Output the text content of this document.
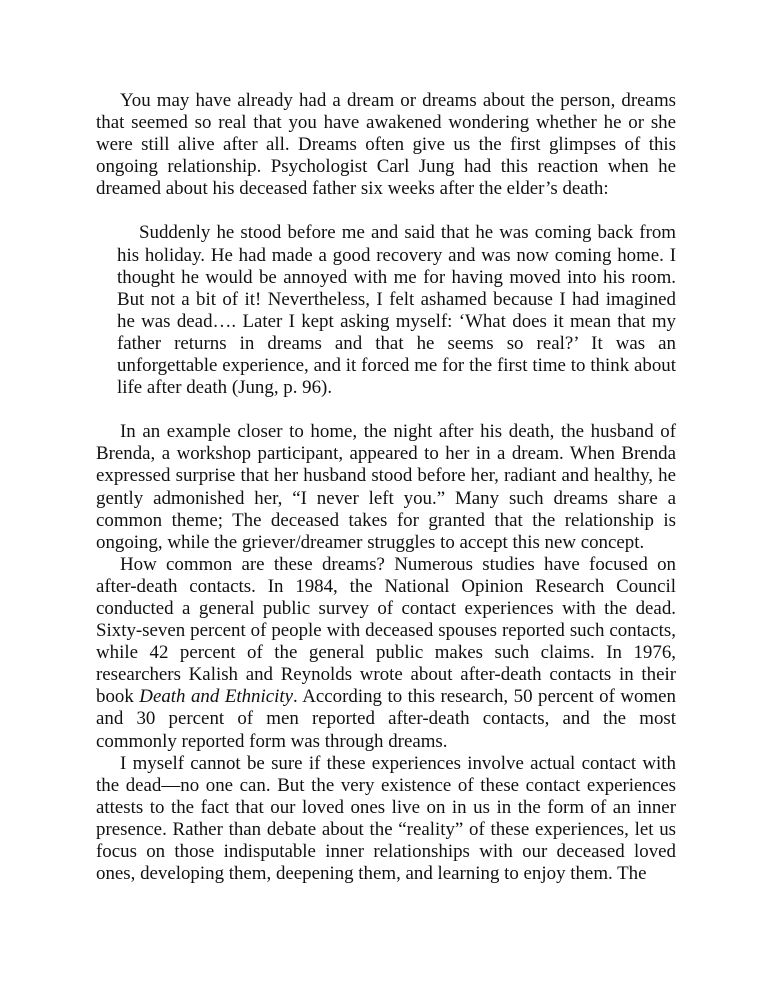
You may have already had a dream or dreams about the person, dreams that seemed so real that you have awakened wondering whether he or she were still alive after all. Dreams often give us the first glimpses of this ongoing relationship. Psychologist Carl Jung had this reaction when he dreamed about his deceased father six weeks after the elder’s death:

Suddenly he stood before me and said that he was coming back from his holiday. He had made a good recovery and was now coming home. I thought he would be annoyed with me for having moved into his room. But not a bit of it! Nevertheless, I felt ashamed because I had imagined he was dead…. Later I kept asking myself: ‘What does it mean that my father returns in dreams and that he seems so real?’ It was an unforgettable experience, and it forced me for the first time to think about life after death (Jung, p. 96).

In an example closer to home, the night after his death, the husband of Brenda, a workshop participant, appeared to her in a dream. When Brenda expressed surprise that her husband stood before her, radiant and healthy, he gently admonished her, “I never left you.” Many such dreams share a common theme; The deceased takes for granted that the relationship is ongoing, while the griever/dreamer struggles to accept this new concept.

How common are these dreams? Numerous studies have focused on after-death contacts. In 1984, the National Opinion Research Council conducted a general public survey of contact experiences with the dead. Sixty-seven percent of people with deceased spouses reported such contacts, while 42 percent of the general public makes such claims. In 1976, researchers Kalish and Reynolds wrote about after-death contacts in their book Death and Ethnicity. According to this research, 50 percent of women and 30 percent of men reported after-death contacts, and the most commonly reported form was through dreams.

I myself cannot be sure if these experiences involve actual contact with the dead—no one can. But the very existence of these contact experiences attests to the fact that our loved ones live on in us in the form of an inner presence. Rather than debate about the “reality” of these experiences, let us focus on those indisputable inner relationships with our deceased loved ones, developing them, deepening them, and learning to enjoy them. The
